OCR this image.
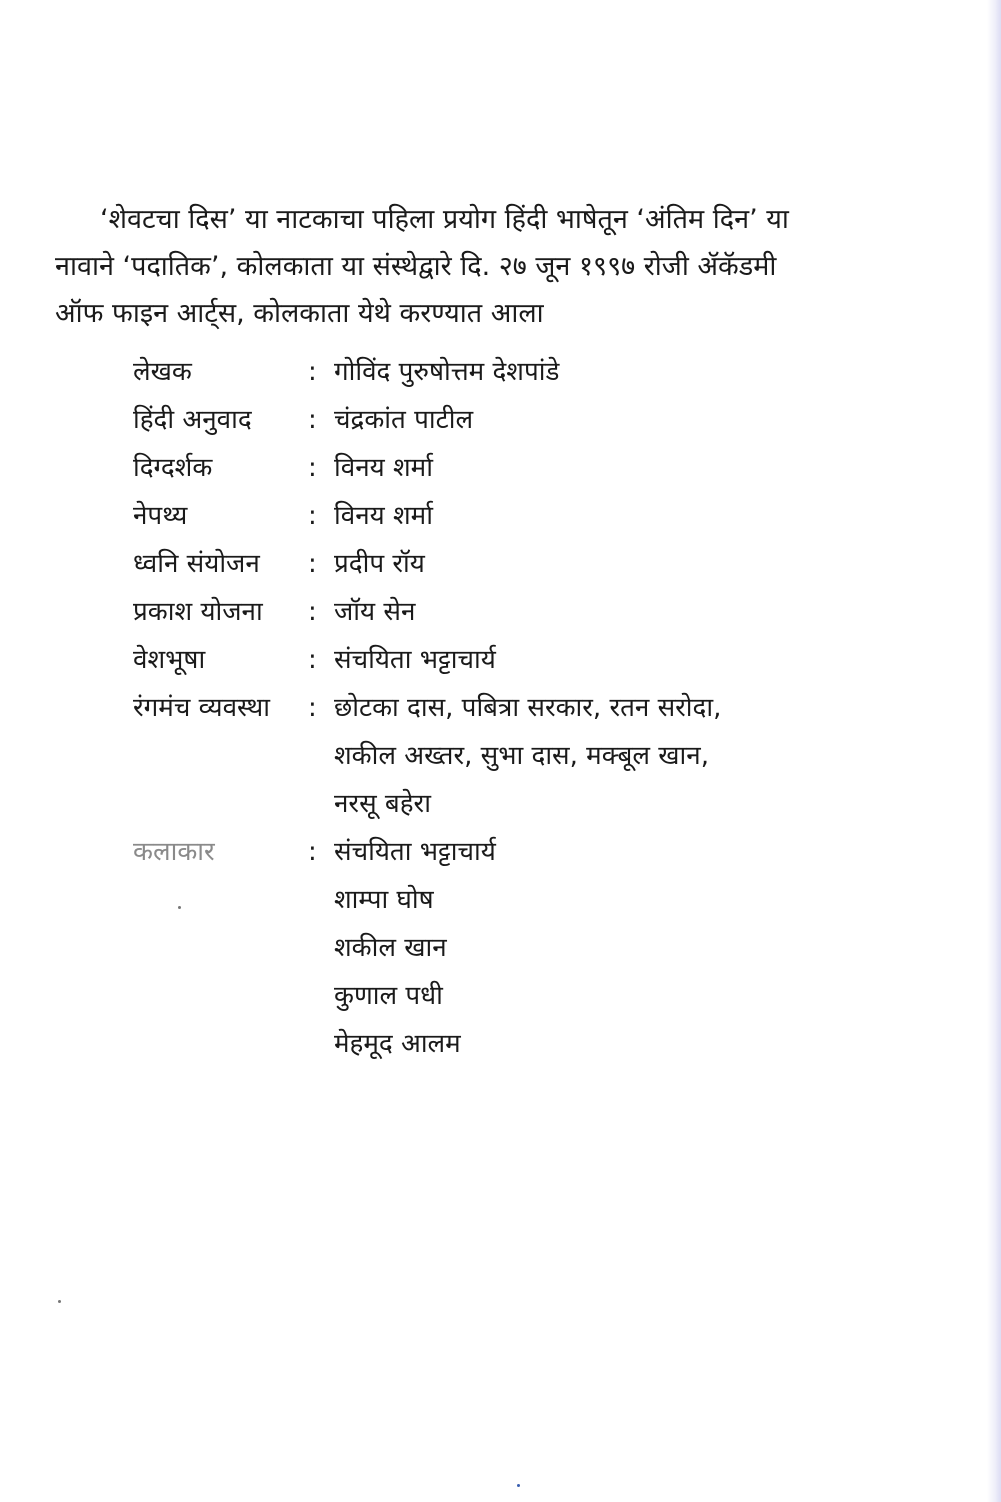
‘शेवटचा दिस’ या नाटकाचा पहिला प्रयोग हिंदी भाषेतून ‘अंतिम दिन’ या
नावाने ‘पदातिक’, कोलकाता या संस्थेद्वारे दि. २७ जून १९९७ रोजी ॲकॅडमी
ऑफ फाइन आर्ट्स, कोलकाता येथे करण्यात आला
लेखक	: गोविंद पुरुषोत्तम देशपांडे
हिंदी अनुवाद	: चंद्रकांत पाटील
दिग्दर्शक	: विनय शर्मा
नेपथ्य	: विनय शर्मा
ध्वनि संयोजन	: प्रदीप रॉय
प्रकाश योजना	: जॉय सेन
वेशभूषा	: संचयिता भट्टाचार्य
रंगमंच व्यवस्था	: छोटका दास, पबित्रा सरकार, रतन सरोदा,
शकील अख्तर, सुभा दास, मक्बूल खान,
नरसू बहेरा
कलाकार	: संचयिता भट्टाचार्य
शाम्पा घोष
शकील खान
कुणाल पधी
मेहमूद आलम
